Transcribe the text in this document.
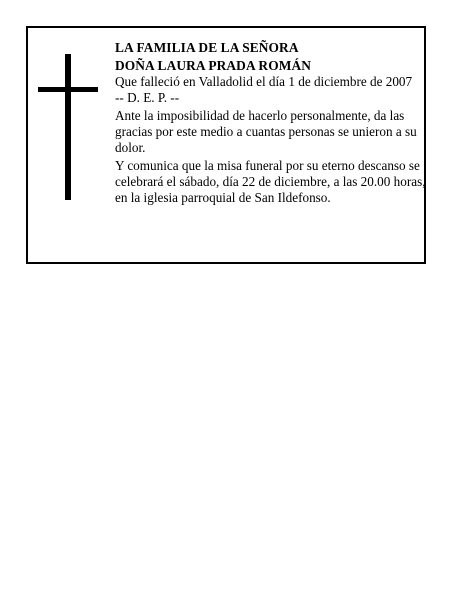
LA FAMILIA DE LA SEÑORA

DOÑA LAURA PRADA ROMÁN

Que falleció en Valladolid el día 1 de diciembre de 2007

-- D. E. P. --

Ante la imposibilidad de hacerlo personalmente, da las gracias por este medio a cuantas personas se unieron a su dolor.

Y comunica que la misa funeral por su eterno descanso se celebrará el sábado, día 22 de diciembre, a las 20.00 horas, en la iglesia parroquial de San Ildefonso.
